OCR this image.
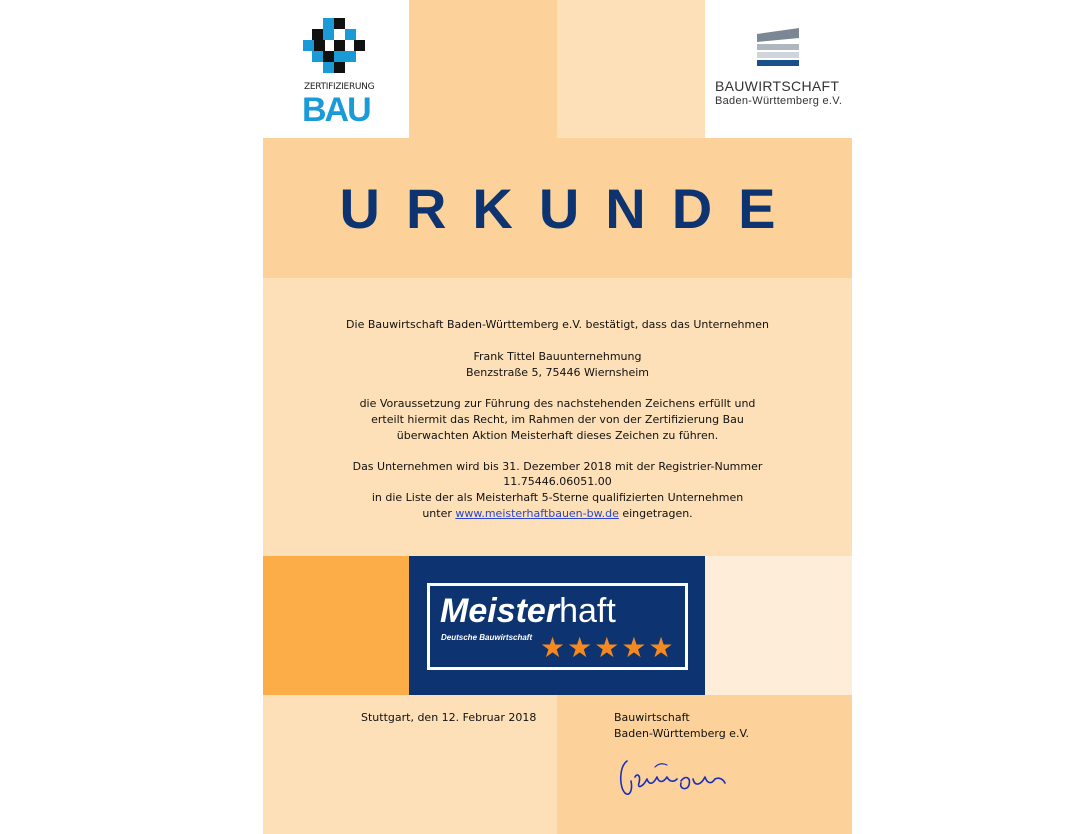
ZERTIFIZIERUNG
BAU
BAUWIRTSCHAFT
Baden-Württemberg e.V.
URKUNDE
Die Bauwirtschaft Baden-Württemberg e.V. bestätigt, dass das Unternehmen
Frank Tittel Bauunternehmung
Benzstraße 5, 75446 Wiernsheim
die Voraussetzung zur Führung des nachstehenden Zeichens erfüllt und
erteilt hiermit das Recht, im Rahmen der von der Zertifizierung Bau
überwachten Aktion Meisterhaft dieses Zeichen zu führen.
Das Unternehmen wird bis 31. Dezember 2018 mit der Registrier-Nummer
11.75446.06051.00
in die Liste der als Meisterhaft 5-Sterne qualifizierten Unternehmen
unter www.meisterhaftbauen-bw.de eingetragen.
Meisterhaft
Deutsche Bauwirtschaft ★ ★ ★ ★ ★
Stuttgart, den 12. Februar 2018	Bauwirtschaft
Baden-Württemberg e.V.
